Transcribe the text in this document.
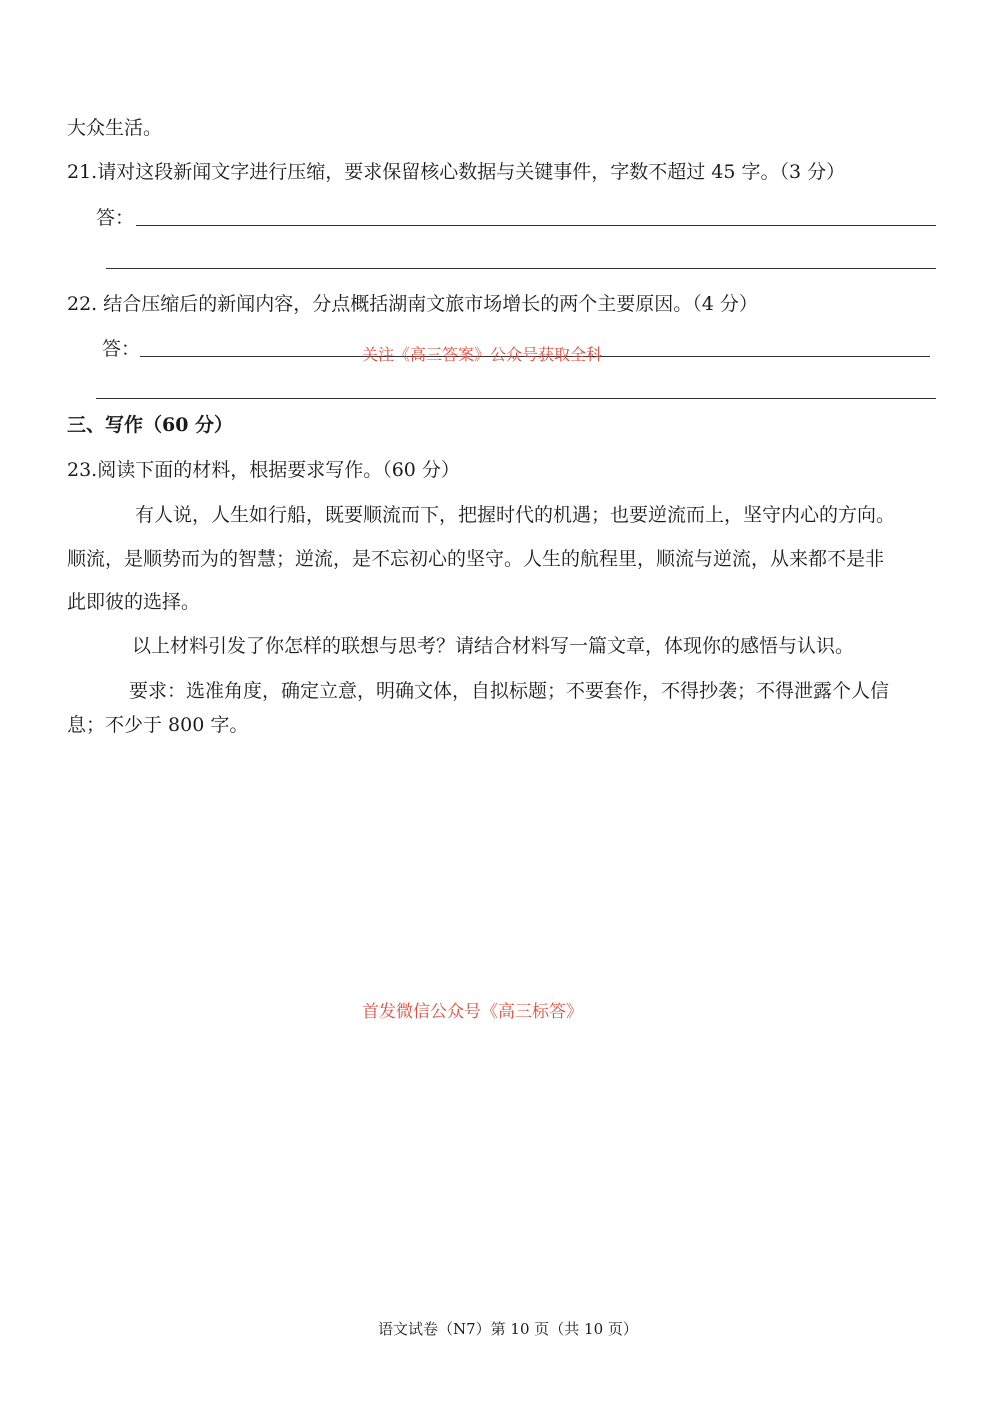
大众生活。
21.请对这段新闻文字进行压缩，要求保留核心数据与关键事件，字数不超过 45 字。（3 分）
答：
22. 结合压缩后的新闻内容，分点概括湖南文旅市场增长的两个主要原因。（4 分）
答：	关注《高三答案》公众号获取全科
三、写作（60 分）
23.阅读下面的材料，根据要求写作。（60 分）
有人说，人生如行船，既要顺流而下，把握时代的机遇；也要逆流而上，坚守内心的方向。
顺流，是顺势而为的智慧；逆流，是不忘初心的坚守。人生的航程里，顺流与逆流，从来都不是非
此即彼的选择。
以上材料引发了你怎样的联想与思考？请结合材料写一篇文章，体现你的感悟与认识。
要求：选准角度，确定立意，明确文体，自拟标题；不要套作，不得抄袭；不得泄露个人信
息；不少于 800 字。
首发微信公众号《高三标答》
语文试卷（N7）第 10 页（共 10 页）
